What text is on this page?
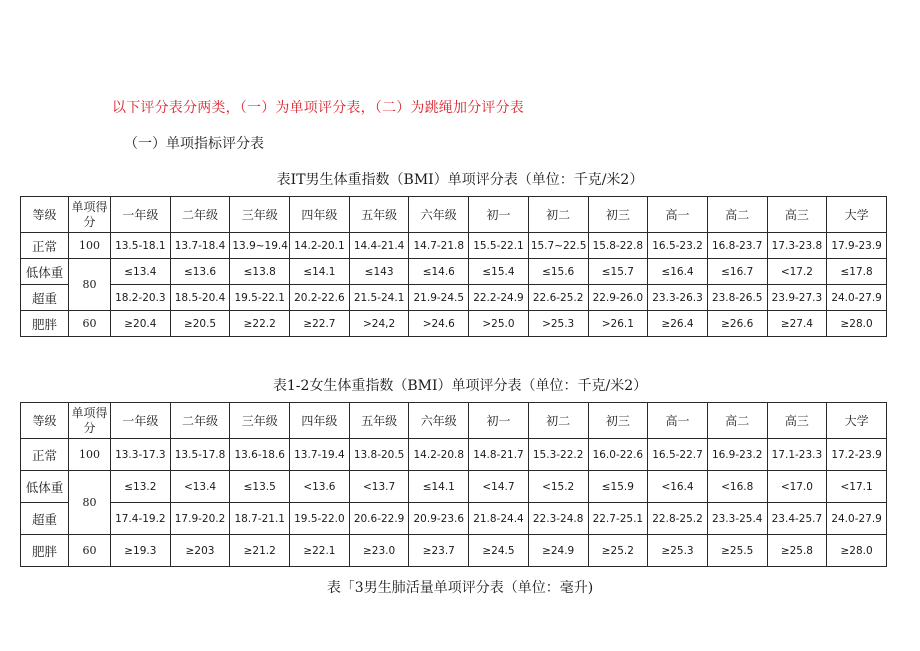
以下评分表分两类，（一）为单项评分表，（二）为跳绳加分评分表
（一）单项指标评分表
表IT男生体重指数（BMI）单项评分表（单位：千克/米2）
等级	单项得分	一年级	二年级	三年级	四年级	五年级	六年级	初一	初二	初三	高一	高二	高三	大学
正常	100	13.5-18.1	13.7-18.4	13.9~19.4	14.2-20.1	14.4-21.4	14.7-21.8	15.5-22.1	15.7~22.5	15.8-22.8	16.5-23.2	16.8-23.7	17.3-23.8	17.9-23.9
低体重	80	≤13.4	≤13.6	≤13.8	≤14.1	≤143	≤14.6	≤15.4	≤15.6	≤15.7	≤16.4	≤16.7	<17.2	≤17.8
超重		18.2-20.3	18.5-20.4	19.5-22.1	20.2-22.6	21.5-24.1	21.9-24.5	22.2-24.9	22.6-25.2	22.9-26.0	23.3-26.3	23.8-26.5	23.9-27.3	24.0-27.9
肥胖	60	≥20.4	≥20.5	≥22.2	≥22.7	>24,2	>24.6	>25.0	>25.3	>26.1	≥26.4	≥26.6	≥27.4	≥28.0
表1-2女生体重指数（BMI）单项评分表（单位：千克/米2）
等级	单项得分	一年级	二年级	三年级	四年级	五年级	六年级	初一	初二	初三	高一	高二	高三	大学
正常	100	13.3-17.3	13.5-17.8	13.6-18.6	13.7-19.4	13.8-20.5	14.2-20.8	14.8-21.7	15.3-22.2	16.0-22.6	16.5-22.7	16.9-23.2	17.1-23.3	17.2-23.9
低体重	80	≤13.2	<13.4	≤13.5	<13.6	<13.7	≤14.1	<14.7	<15.2	≤15.9	<16.4	<16.8	<17.0	<17.1
超重		17.4-19.2	17.9-20.2	18.7-21.1	19.5-22.0	20.6-22.9	20.9-23.6	21.8-24.4	22.3-24.8	22.7-25.1	22.8-25.2	23.3-25.4	23.4-25.7	24.0-27.9
肥胖	60	≥19.3	≥203	≥21.2	≥22.1	≥23.0	≥23.7	≥24.5	≥24.9	≥25.2	≥25.3	≥25.5	≥25.8	≥28.0
表「3男生肺活量单项评分表（单位：毫升)
